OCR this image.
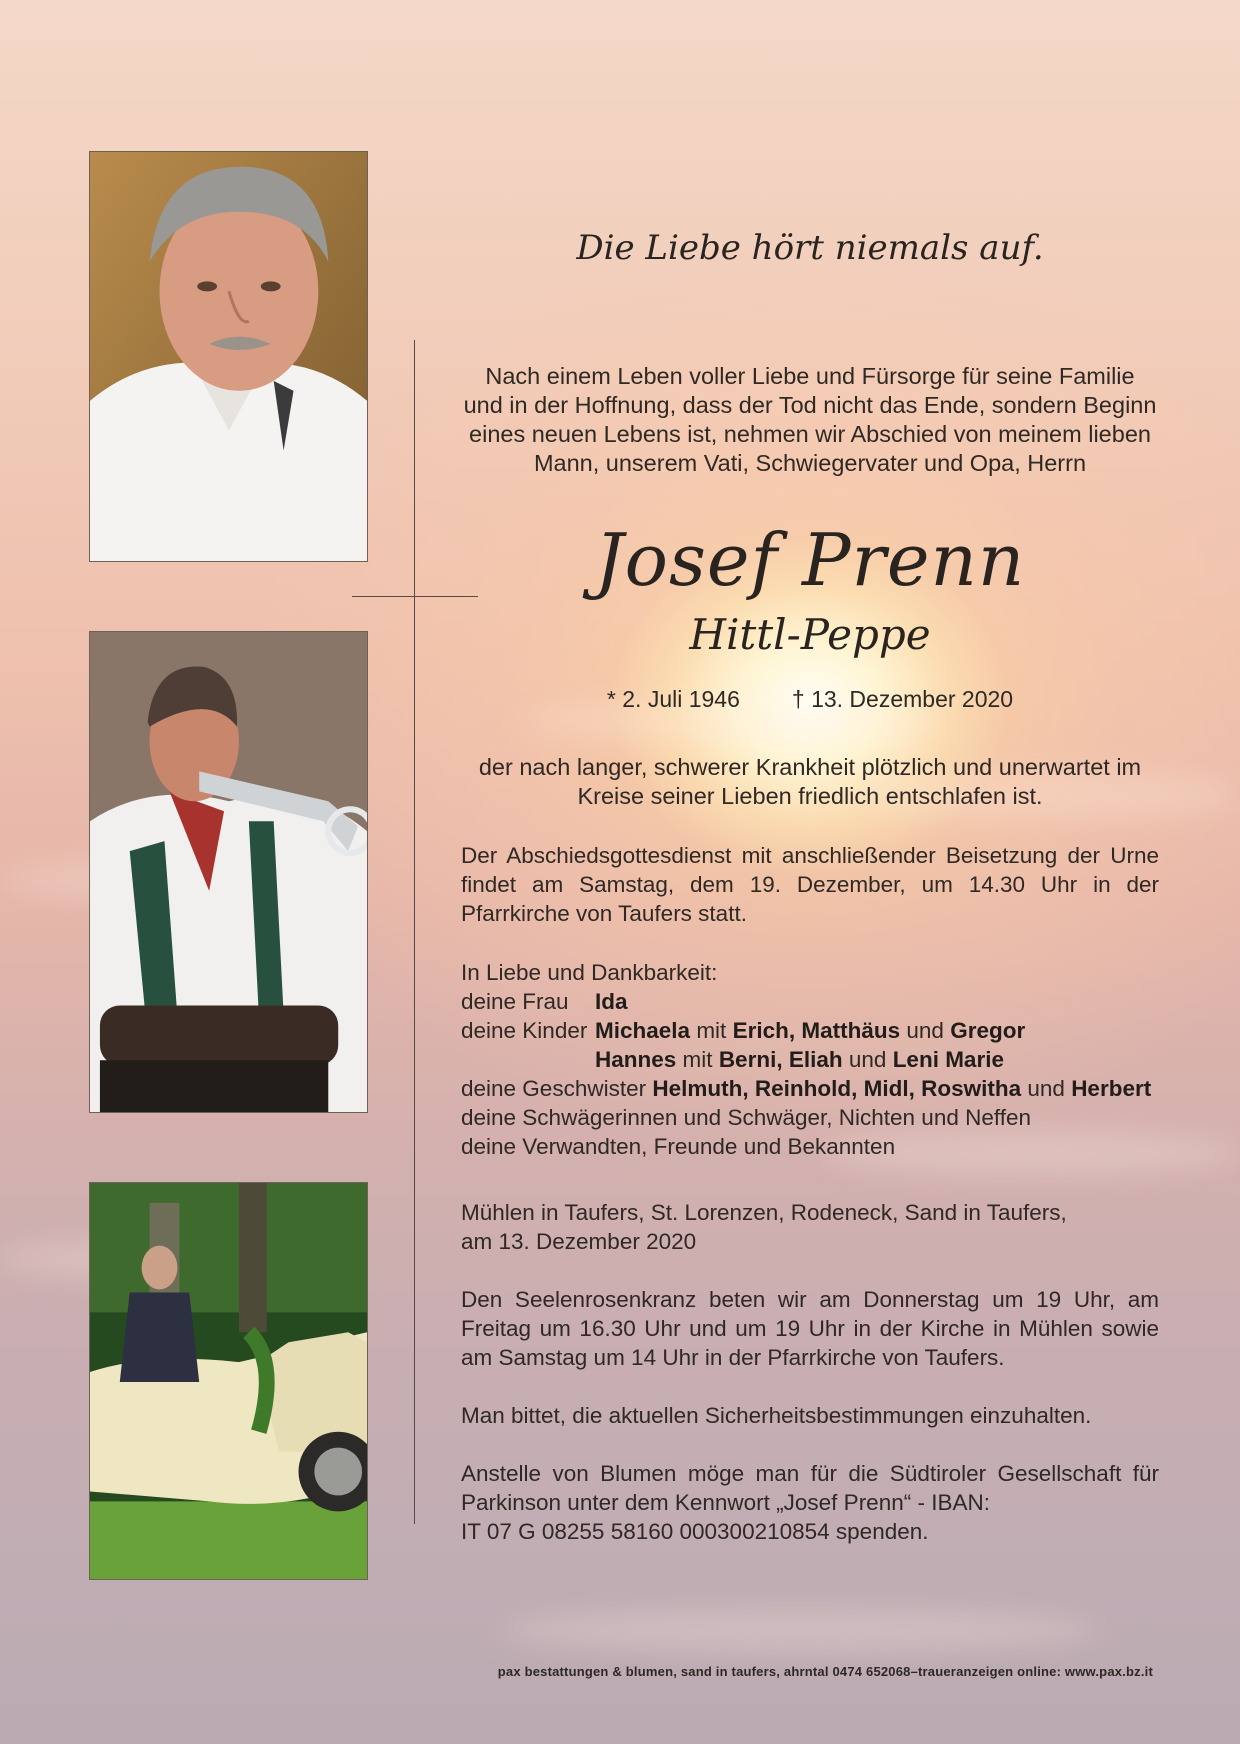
Die Liebe hört niemals auf.
Nach einem Leben voller Liebe und Fürsorge für seine Familie
und in der Hoffnung, dass der Tod nicht das Ende, sondern Beginn
eines neuen Lebens ist, nehmen wir Abschied von meinem lieben
Mann, unserem Vati, Schwiegervater und Opa, Herrn
Josef Prenn
Hittl-Peppe
* 2. Juli 1946 † 13. Dezember 2020
der nach langer, schwerer Krankheit plötzlich und unerwartet im
Kreise seiner Lieben friedlich entschlafen ist.
Der Abschiedsgottesdienst mit anschließender Beisetzung der Urne findet am Samstag, dem 19. Dezember, um 14.30 Uhr in der Pfarrkirche von Taufers statt.
In Liebe und Dankbarkeit:
deine Frau Ida
deine Kinder Michaela mit Erich, Matthäus und Gregor
Hannes mit Berni, Eliah und Leni Marie
deine Geschwister Helmuth, Reinhold, Midl, Roswitha und Herbert
deine Schwägerinnen und Schwäger, Nichten und Neffen
deine Verwandten, Freunde und Bekannten
Mühlen in Taufers, St. Lorenzen, Rodeneck, Sand in Taufers,
am 13. Dezember 2020
Den Seelenrosenkranz beten wir am Donnerstag um 19 Uhr, am Freitag um 16.30 Uhr und um 19 Uhr in der Kirche in Mühlen sowie am Samstag um 14 Uhr in der Pfarrkirche von Taufers.
Man bittet, die aktuellen Sicherheitsbestimmungen einzuhalten.
Anstelle von Blumen möge man für die Südtiroler Gesellschaft für Parkinson unter dem Kennwort „Josef Prenn“ - IBAN:
IT 07 G 08255 58160 000300210854 spenden.
pax bestattungen & blumen, sand in taufers, ahrntal 0474 652068–traueranzeigen online: www.pax.bz.it
